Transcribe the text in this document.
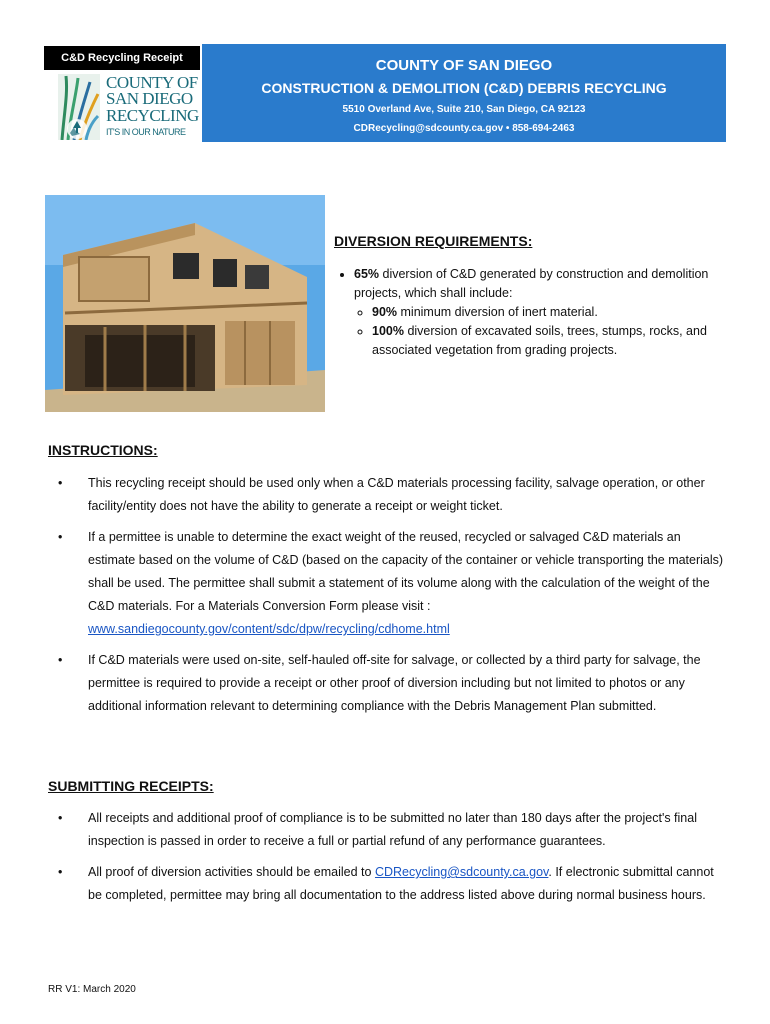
C&D Recycling Receipt
COUNTY OF
SAN DIEGO
RECYCLING
IT'S IN OUR NATURE
COUNTY OF SAN DIEGO
CONSTRUCTION & DEMOLITION (C&D) DEBRIS RECYCLING
5510 Overland Ave, Suite 210, San Diego, CA 92123
CDRecycling@sdcounty.ca.gov • 858-694-2463
DIVERSION REQUIREMENTS:
• 65% diversion of C&D generated by construction and demolition projects, which shall include:
◦ 90% minimum diversion of inert material.
◦ 100% diversion of excavated soils, trees, stumps, rocks, and associated vegetation from grading projects.
INSTRUCTIONS:
• This recycling receipt should be used only when a C&D materials processing facility, salvage operation, or other facility/entity does not have the ability to generate a receipt or weight ticket.
• If a permittee is unable to determine the exact weight of the reused, recycled or salvaged C&D materials an estimate based on the volume of C&D (based on the capacity of the container or vehicle transporting the materials) shall be used. The permittee shall submit a statement of its volume along with the calculation of the weight of the C&D materials. For a Materials Conversion Form please visit : www.sandiegocounty.gov/content/sdc/dpw/recycling/cdhome.html
• If C&D materials were used on-site, self-hauled off-site for salvage, or collected by a third party for salvage, the permittee is required to provide a receipt or other proof of diversion including but not limited to photos or any additional information relevant to determining compliance with the Debris Management Plan submitted.
SUBMITTING RECEIPTS:
• All receipts and additional proof of compliance is to be submitted no later than 180 days after the project's final inspection is passed in order to receive a full or partial refund of any performance guarantees.
• All proof of diversion activities should be emailed to CDRecycling@sdcounty.ca.gov. If electronic submittal cannot be completed, permittee may bring all documentation to the address listed above during normal business hours.
RR V1: March 2020
